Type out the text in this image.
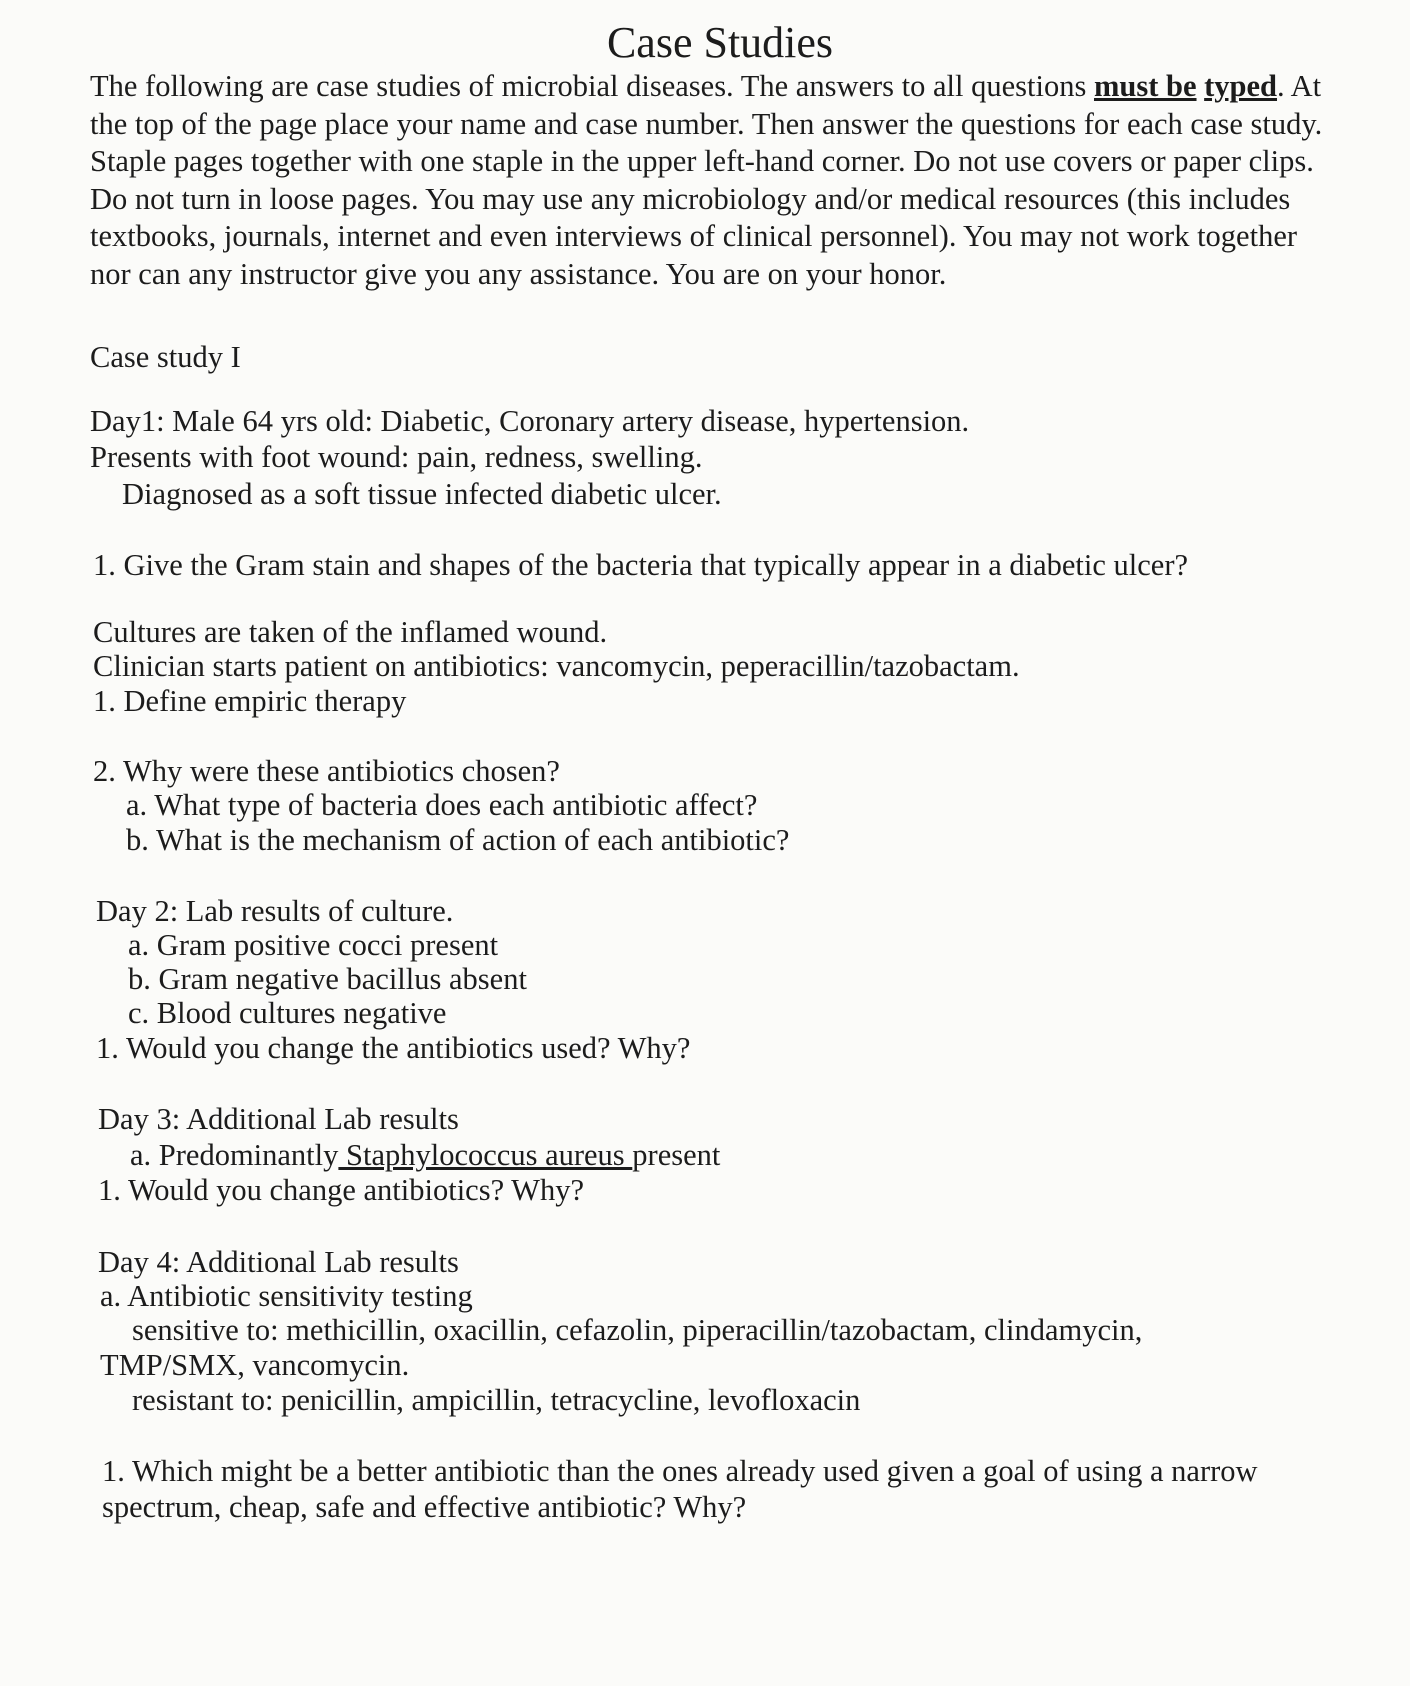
Case Studies
The following are case studies of microbial diseases. The answers to all questions must be typed. At the top of the page place your name and case number. Then answer the questions for each case study. Staple pages together with one staple in the upper left-hand corner. Do not use covers or paper clips. Do not turn in loose pages. You may use any microbiology and/or medical resources (this includes textbooks, journals, internet and even interviews of clinical personnel). You may not work together nor can any instructor give you any assistance. You are on your honor.
Case study I
Day1: Male 64 yrs old: Diabetic, Coronary artery disease, hypertension.
Presents with foot wound: pain, redness, swelling.
Diagnosed as a soft tissue infected diabetic ulcer.
1. Give the Gram stain and shapes of the bacteria that typically appear in a diabetic ulcer?
Cultures are taken of the inflamed wound.
Clinician starts patient on antibiotics: vancomycin, peperacillin/tazobactam.
1. Define empiric therapy
2. Why were these antibiotics chosen?
a. What type of bacteria does each antibiotic affect?
b. What is the mechanism of action of each antibiotic?
Day 2: Lab results of culture.
a. Gram positive cocci present
b. Gram negative bacillus absent
c. Blood cultures negative
1. Would you change the antibiotics used? Why?
Day 3: Additional Lab results
a. Predominantly Staphylococcus aureus present
1. Would you change antibiotics? Why?
Day 4: Additional Lab results
a. Antibiotic sensitivity testing
sensitive to: methicillin, oxacillin, cefazolin, piperacillin/tazobactam, clindamycin,
TMP/SMX, vancomycin.
resistant to: penicillin, ampicillin, tetracycline, levofloxacin
1. Which might be a better antibiotic than the ones already used given a goal of using a narrow
spectrum, cheap, safe and effective antibiotic? Why?
